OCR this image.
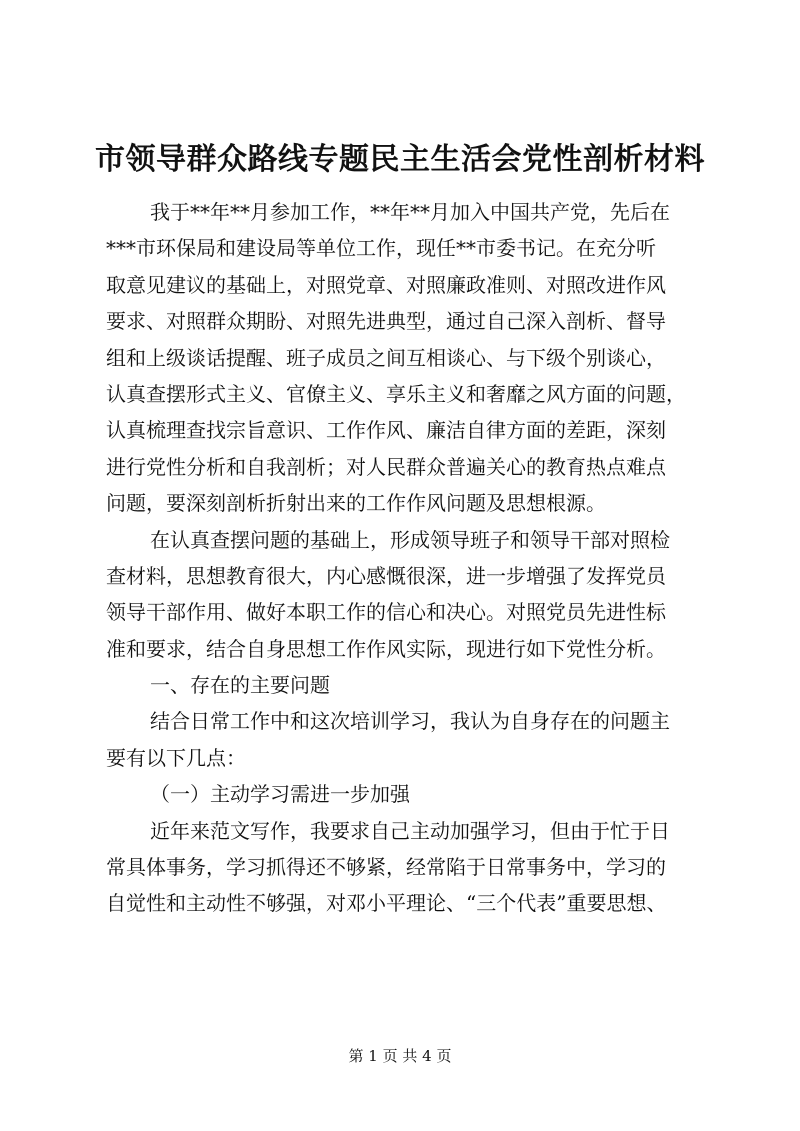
市领导群众路线专题民主生活会党性剖析材料
我于**年**月参加工作，**年**月加入中国共产党，先后在
***市环保局和建设局等单位工作，现任**市委书记。在充分听
取意见建议的基础上，对照党章、对照廉政准则、对照改进作风
要求、对照群众期盼、对照先进典型，通过自己深入剖析、督导
组和上级谈话提醒、班子成员之间互相谈心、与下级个别谈心，
认真查摆形式主义、官僚主义、享乐主义和奢靡之风方面的问题，
认真梳理查找宗旨意识、工作作风、廉洁自律方面的差距，深刻
进行党性分析和自我剖析；对人民群众普遍关心的教育热点难点
问题，要深刻剖析折射出来的工作作风问题及思想根源。
在认真查摆问题的基础上，形成领导班子和领导干部对照检
查材料，思想教育很大，内心感慨很深，进一步增强了发挥党员
领导干部作用、做好本职工作的信心和决心。对照党员先进性标
准和要求，结合自身思想工作作风实际，现进行如下党性分析。
一、存在的主要问题
结合日常工作中和这次培训学习，我认为自身存在的问题主
要有以下几点：
（一）主动学习需进一步加强
近年来范文写作，我要求自己主动加强学习，但由于忙于日
常具体事务，学习抓得还不够紧，经常陷于日常事务中，学习的
自觉性和主动性不够强，对邓小平理论、“三个代表”重要思想、
第 1 页 共 4 页
